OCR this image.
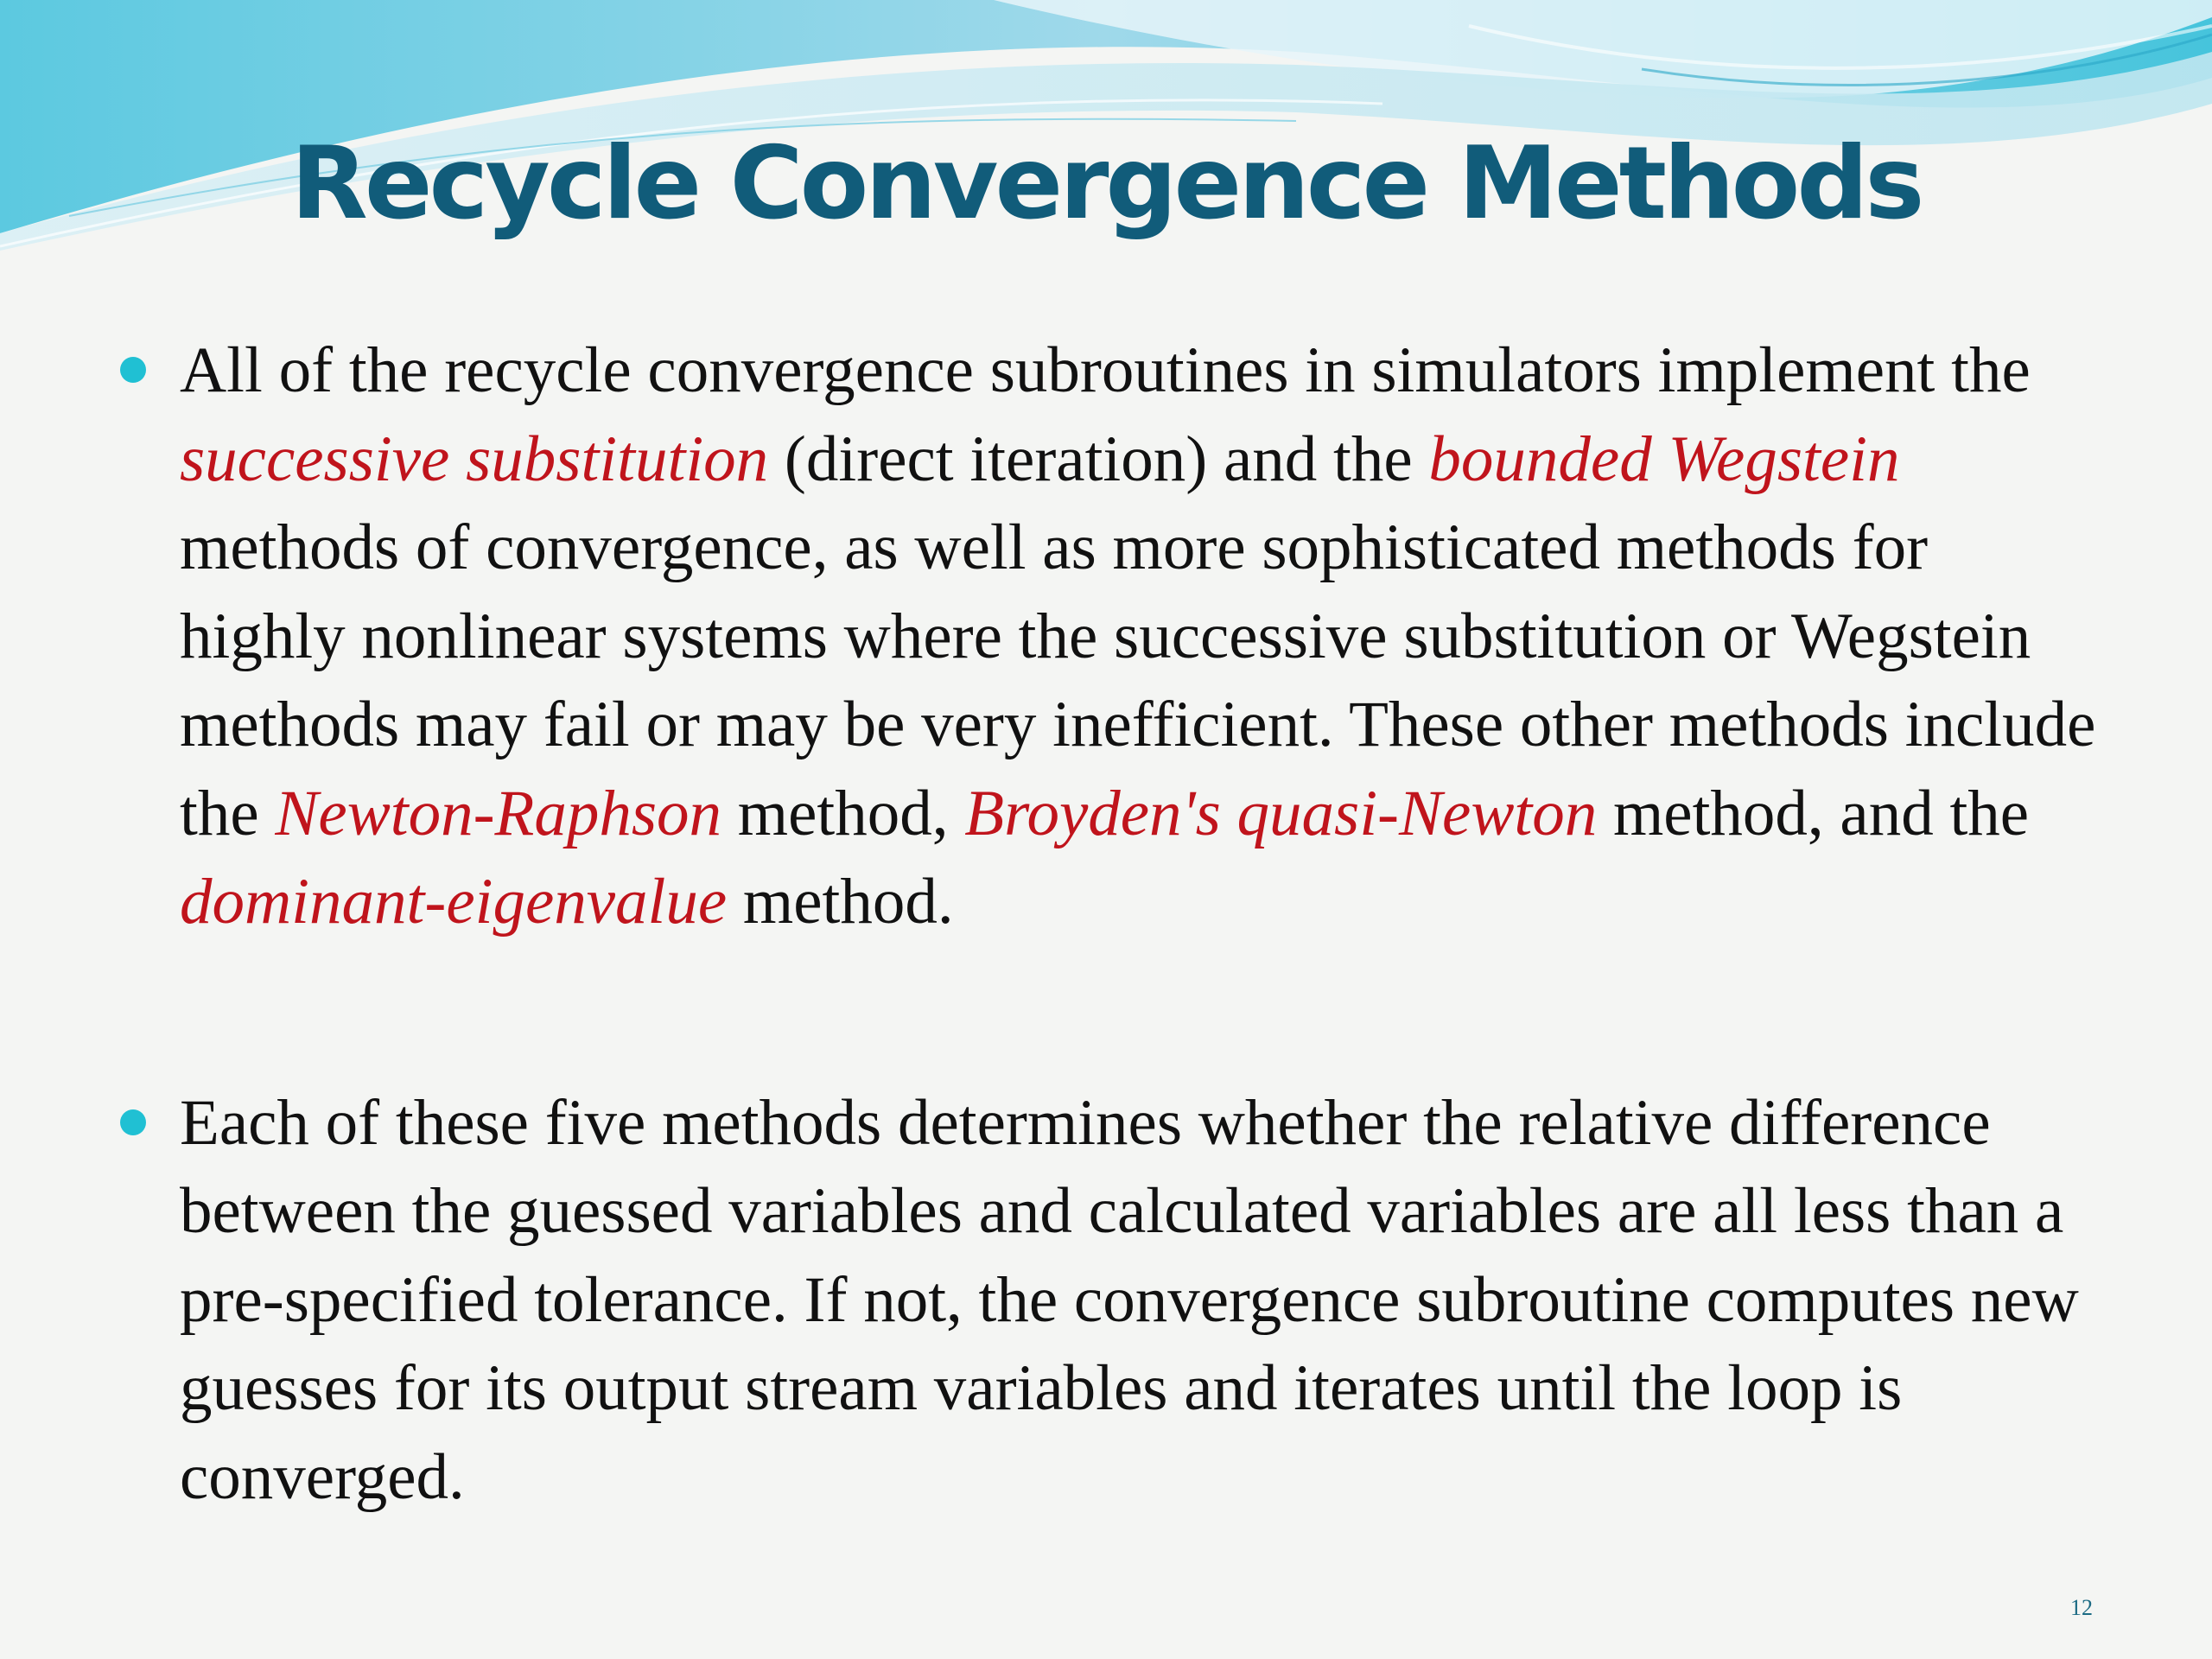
Recycle Convergence Methods

All of the recycle convergence subroutines in simulators implement the successive substitution (direct iteration) and the bounded Wegstein methods of convergence, as well as more sophisticated methods for highly nonlinear systems where the successive substitution or Wegstein methods may fail or may be very inefficient. These other methods include the Newton-Raphson method, Broyden's quasi-Newton method, and the dominant-eigenvalue method.

Each of these five methods determines whether the relative difference between the guessed variables and calculated variables are all less than a pre-specified tolerance. If not, the convergence subroutine computes new guesses for its output stream variables and iterates until the loop is converged.

12
